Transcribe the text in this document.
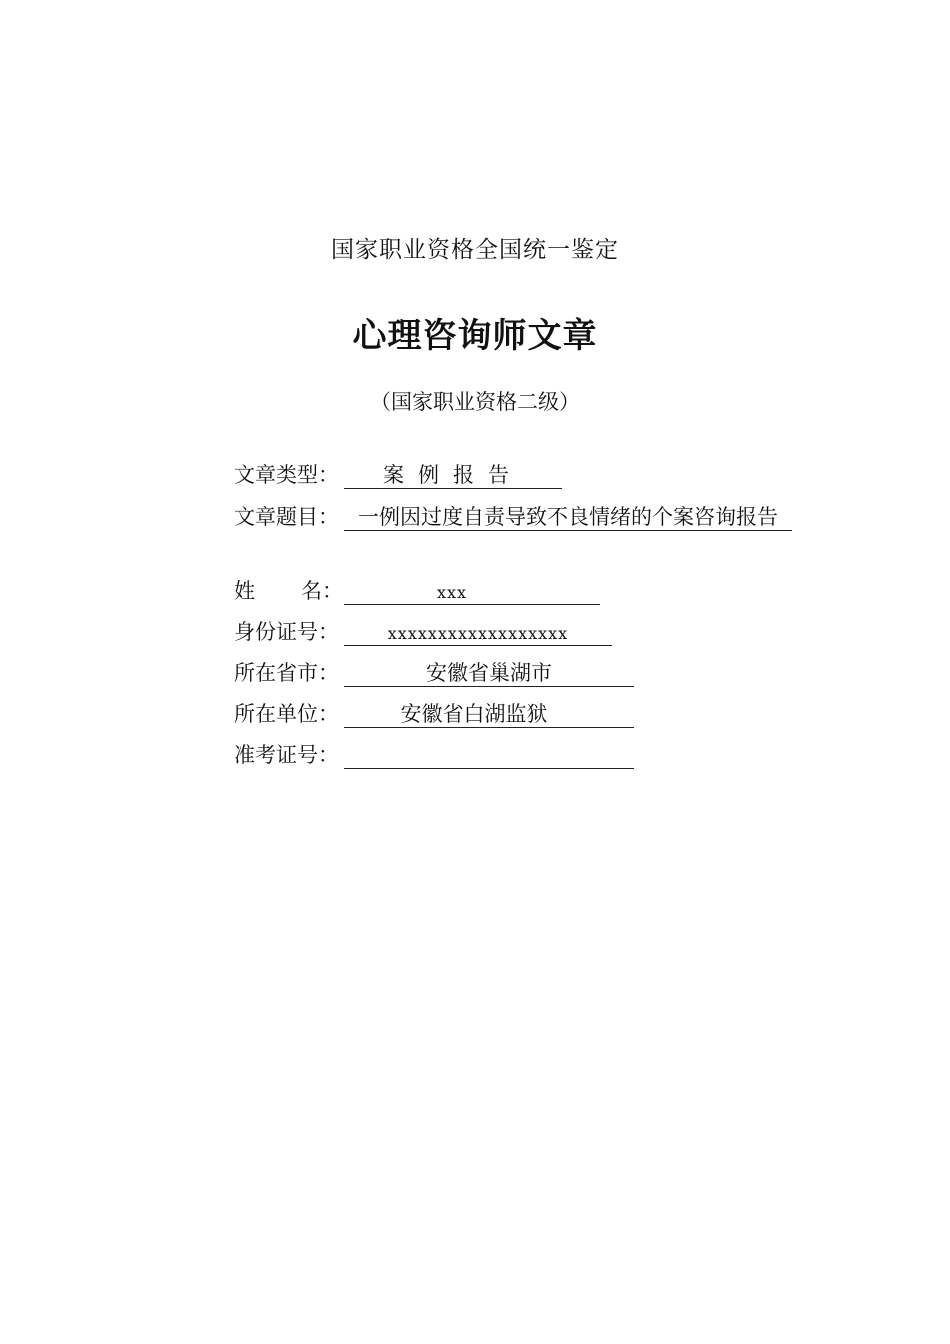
国家职业资格全国统一鉴定
心理咨询师文章
（国家职业资格二级）
文章类型：	案例报告
文章题目： 一例因过度自责导致不良情绪的个案咨询报告
姓 名：	xxx
身份证号：	xxxxxxxxxxxxxxxxxx
所在省市：	安徽省巢湖市
所在单位：	安徽省白湖监狱
准考证号：
